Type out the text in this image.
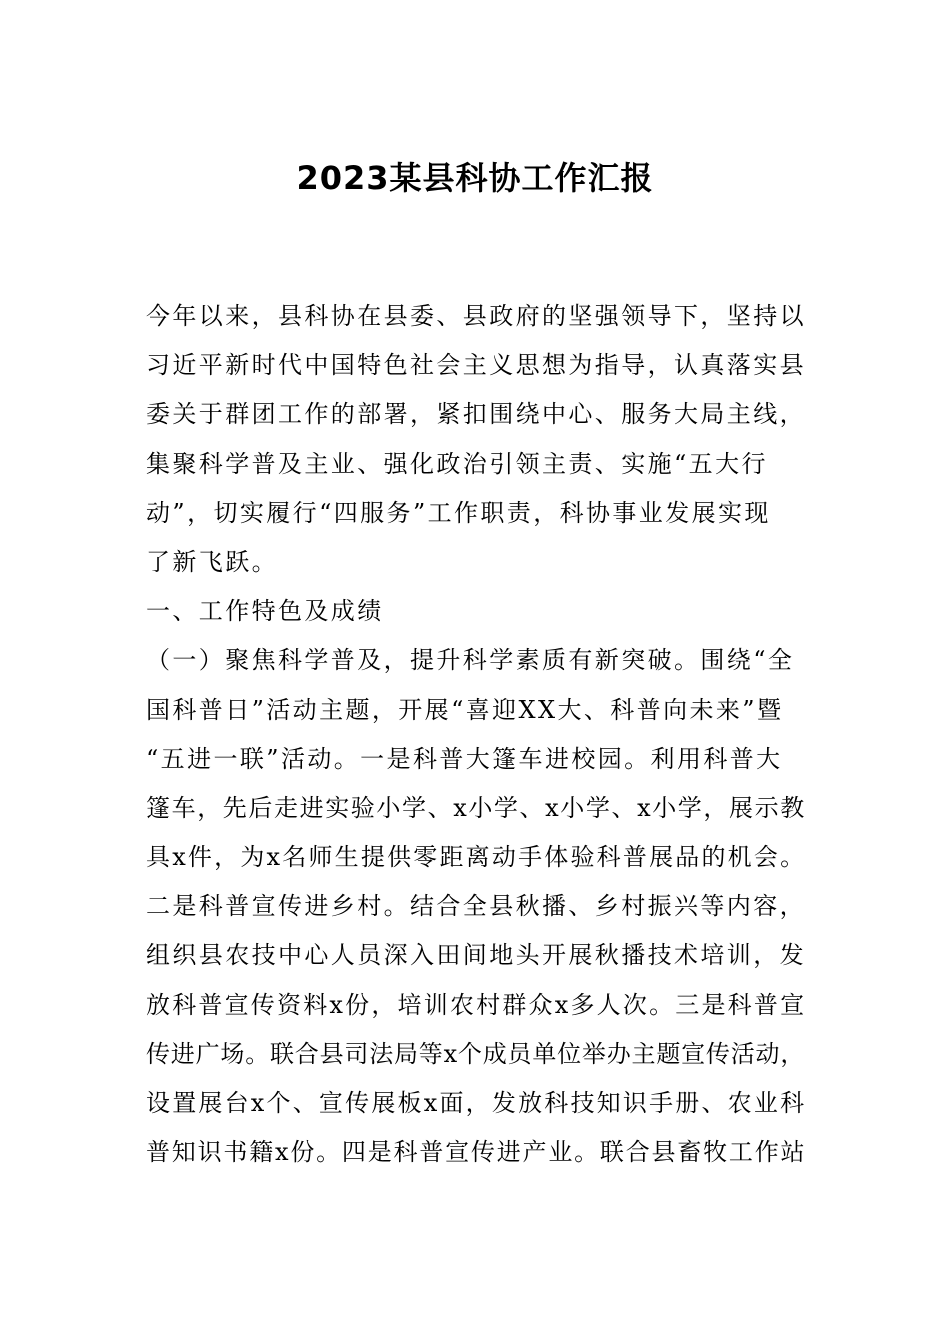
2023某县科协工作汇报
今年以来，县科协在县委、县政府的坚强领导下，坚持以
习近平新时代中国特色社会主义思想为指导，认真落实县
委关于群团工作的部署，紧扣围绕中心、服务大局主线，
集聚科学普及主业、强化政治引领主责、实施“五大行
动”，切实履行“四服务”工作职责，科协事业发展实现
了新飞跃。
一、工作特色及成绩
（一）聚焦科学普及，提升科学素质有新突破。围绕“全
国科普日”活动主题，开展“喜迎XX大、科普向未来”暨
“五进一联”活动。一是科普大篷车进校园。利用科普大
篷车，先后走进实验小学、x小学、x小学、x小学，展示教
具x件，为x名师生提供零距离动手体验科普展品的机会。
二是科普宣传进乡村。结合全县秋播、乡村振兴等内容，
组织县农技中心人员深入田间地头开展秋播技术培训，发
放科普宣传资料x份，培训农村群众x多人次。三是科普宣
传进广场。联合县司法局等x个成员单位举办主题宣传活动，
设置展台x个、宣传展板x面，发放科技知识手册、农业科
普知识书籍x份。四是科普宣传进产业。联合县畜牧工作站
